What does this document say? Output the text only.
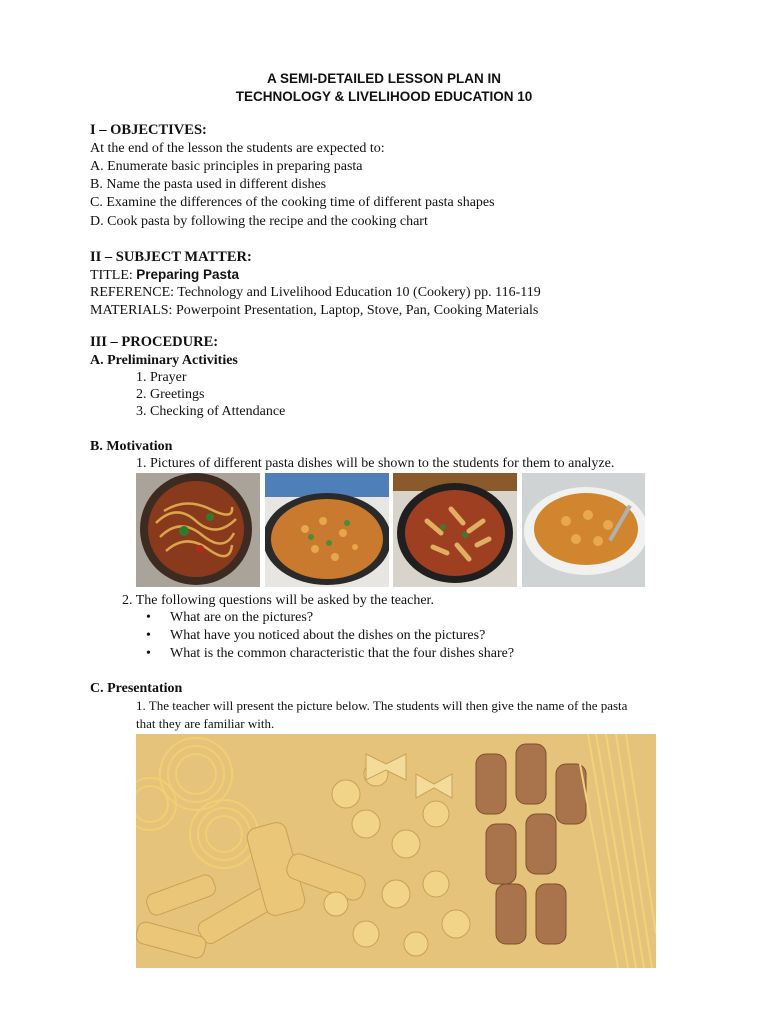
A SEMI-DETAILED LESSON PLAN IN
TECHNOLOGY & LIVELIHOOD EDUCATION 10
I – OBJECTIVES:
At the end of the lesson the students are expected to:
A. Enumerate basic principles in preparing pasta
B. Name the pasta used in different dishes
C. Examine the differences of the cooking time of different pasta shapes
D. Cook pasta by following the recipe and the cooking chart
II – SUBJECT MATTER:
TITLE: Preparing Pasta
REFERENCE: Technology and Livelihood Education 10 (Cookery) pp. 116-119
MATERIALS: Powerpoint Presentation, Laptop, Stove, Pan, Cooking Materials
III – PROCEDURE:
A. Preliminary Activities
1. Prayer
2. Greetings
3. Checking of Attendance
B. Motivation
1. Pictures of different pasta dishes will be shown to the students for them to analyze.
2. The following questions will be asked by the teacher.
• What are on the pictures?
• What have you noticed about the dishes on the pictures?
• What is the common characteristic that the four dishes share?
C. Presentation
1. The teacher will present the picture below. The students will then give the name of the pasta
that they are familiar with.
